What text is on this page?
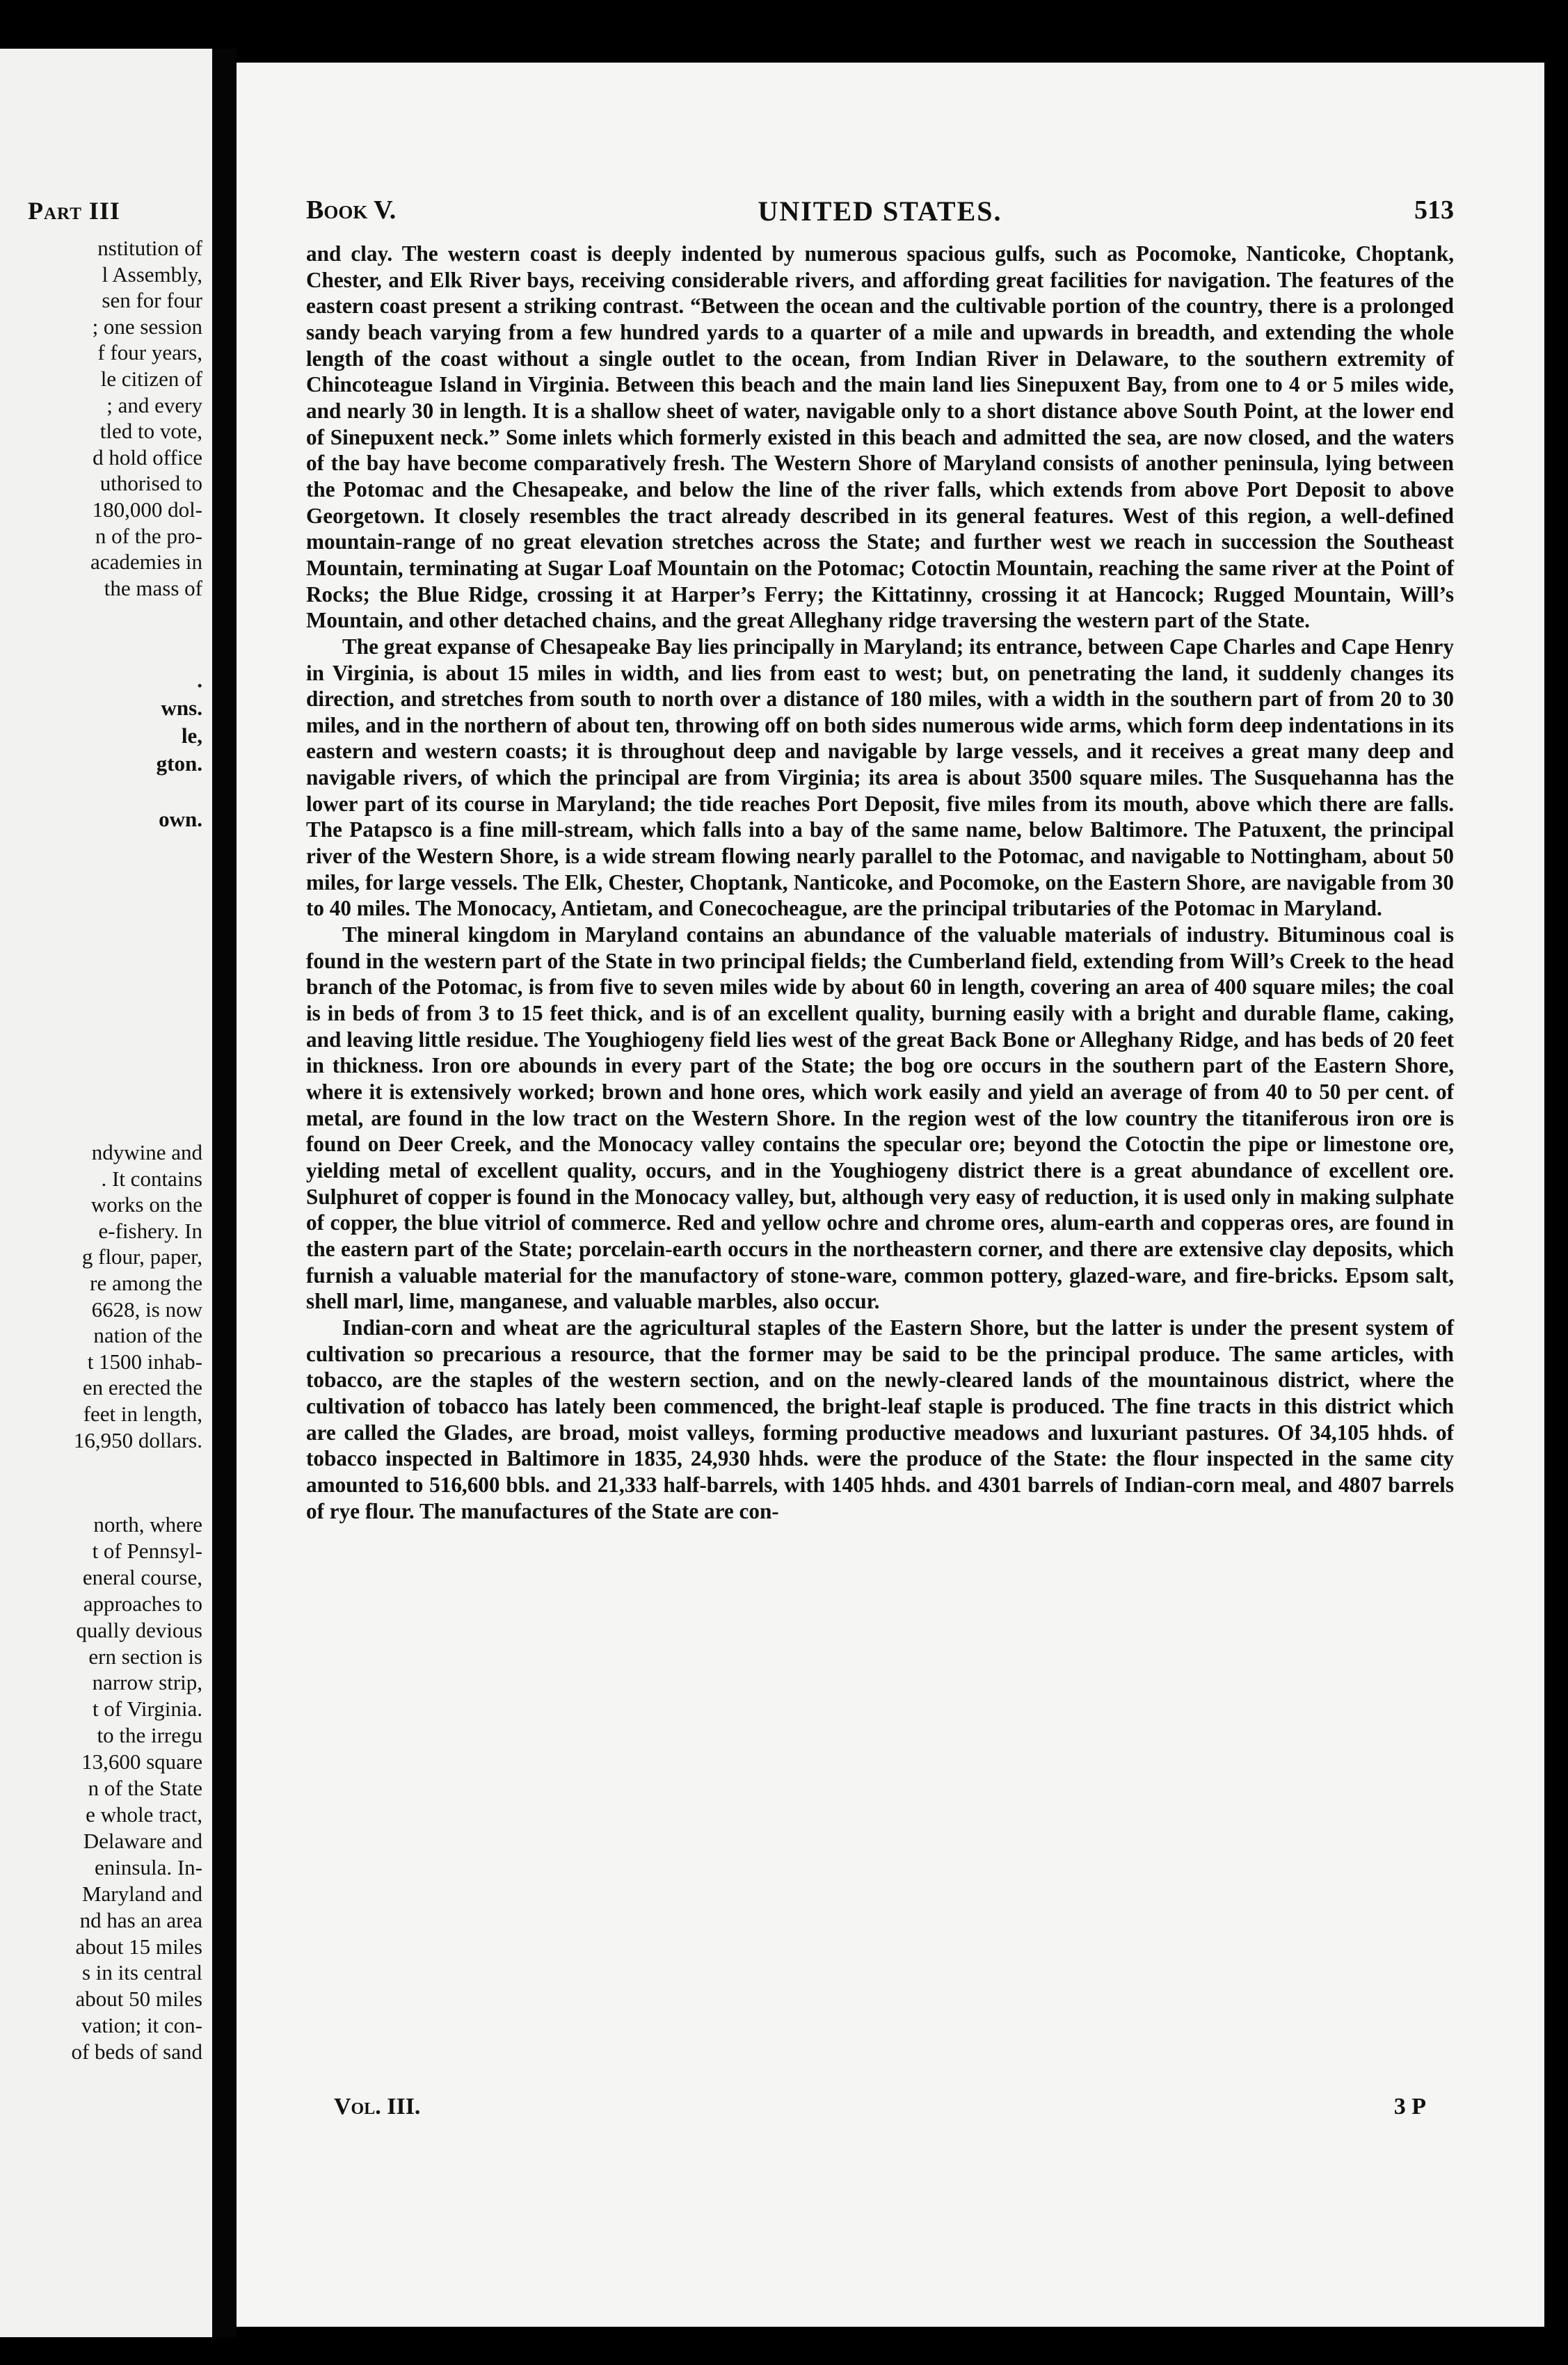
Part III
nstitution of
l Assembly,
sen for four
; one session
f four years,
le citizen of
; and every
tled to vote,
d hold office
uthorised to
180,000 dol-
n of the pro-
academies in
the mass of
.
wns.
le,
gton.

own.
ndywine and
. It contains
works on the
e-fishery. In
g flour, paper,
re among the
6628, is now
nation of the
t 1500 inhab-
en erected the
feet in length,
16,950 dollars.
north, where
t of Pennsyl-
eneral course,
approaches to
qually devious
ern section is
narrow strip,
t of Virginia.
to the irregu
13,600 square
n of the State
e whole tract,
Delaware and
eninsula. In-
Maryland and
nd has an area
about 15 miles
s in its central
about 50 miles
vation; it con-
of beds of sand
Book V.	UNITED STATES.	513

and clay. The western coast is deeply indented by numerous spacious gulfs, such as Pocomoke, Nanticoke, Choptank, Chester, and Elk River bays, receiving considerable rivers, and affording great facilities for navigation. The features of the eastern coast present a striking contrast. “Between the ocean and the cultivable portion of the country, there is a prolonged sandy beach varying from a few hundred yards to a quarter of a mile and upwards in breadth, and extending the whole length of the coast without a single outlet to the ocean, from Indian River in Delaware, to the southern extremity of Chincoteague Island in Virginia. Between this beach and the main land lies Sinepuxent Bay, from one to 4 or 5 miles wide, and nearly 30 in length. It is a shallow sheet of water, navigable only to a short distance above South Point, at the lower end of Sinepuxent neck.” Some inlets which formerly existed in this beach and admitted the sea, are now closed, and the waters of the bay have become comparatively fresh. The Western Shore of Maryland consists of another peninsula, lying between the Potomac and the Chesapeake, and below the line of the river falls, which extends from above Port Deposit to above Georgetown. It closely resembles the tract already described in its general features. West of this region, a well-defined mountain-range of no great elevation stretches across the State; and further west we reach in succession the Southeast Mountain, terminating at Sugar Loaf Mountain on the Potomac; Cotoctin Mountain, reaching the same river at the Point of Rocks; the Blue Ridge, crossing it at Harper’s Ferry; the Kittatinny, crossing it at Hancock; Rugged Mountain, Will’s Mountain, and other detached chains, and the great Alleghany ridge traversing the western part of the State.

The great expanse of Chesapeake Bay lies principally in Maryland; its entrance, between Cape Charles and Cape Henry in Virginia, is about 15 miles in width, and lies from east to west; but, on penetrating the land, it suddenly changes its direction, and stretches from south to north over a distance of 180 miles, with a width in the southern part of from 20 to 30 miles, and in the northern of about ten, throwing off on both sides numerous wide arms, which form deep indentations in its eastern and western coasts; it is throughout deep and navigable by large vessels, and it receives a great many deep and navigable rivers, of which the principal are from Virginia; its area is about 3500 square miles. The Susquehanna has the lower part of its course in Maryland; the tide reaches Port Deposit, five miles from its mouth, above which there are falls. The Patapsco is a fine mill-stream, which falls into a bay of the same name, below Baltimore. The Patuxent, the principal river of the Western Shore, is a wide stream flowing nearly parallel to the Potomac, and navigable to Nottingham, about 50 miles, for large vessels. The Elk, Chester, Choptank, Nanticoke, and Pocomoke, on the Eastern Shore, are navigable from 30 to 40 miles. The Monocacy, Antietam, and Conecocheague, are the principal tributaries of the Potomac in Maryland.

The mineral kingdom in Maryland contains an abundance of the valuable materials of industry. Bituminous coal is found in the western part of the State in two principal fields; the Cumberland field, extending from Will’s Creek to the head branch of the Potomac, is from five to seven miles wide by about 60 in length, covering an area of 400 square miles; the coal is in beds of from 3 to 15 feet thick, and is of an excellent quality, burning easily with a bright and durable flame, caking, and leaving little residue. The Youghiogeny field lies west of the great Back Bone or Alleghany Ridge, and has beds of 20 feet in thickness. Iron ore abounds in every part of the State; the bog ore occurs in the southern part of the Eastern Shore, where it is extensively worked; brown and hone ores, which work easily and yield an average of from 40 to 50 per cent. of metal, are found in the low tract on the Western Shore. In the region west of the low country the titaniferous iron ore is found on Deer Creek, and the Monocacy valley contains the specular ore; beyond the Cotoctin the pipe or limestone ore, yielding metal of excellent quality, occurs, and in the Youghiogeny district there is a great abundance of excellent ore. Sulphuret of copper is found in the Monocacy valley, but, although very easy of reduction, it is used only in making sulphate of copper, the blue vitriol of commerce. Red and yellow ochre and chrome ores, alum-earth and copperas ores, are found in the eastern part of the State; porcelain-earth occurs in the northeastern corner, and there are extensive clay deposits, which furnish a valuable material for the manufactory of stone-ware, common pottery, glazed-ware, and fire-bricks. Epsom salt, shell marl, lime, manganese, and valuable marbles, also occur.

Indian-corn and wheat are the agricultural staples of the Eastern Shore, but the latter is under the present system of cultivation so precarious a resource, that the former may be said to be the principal produce. The same articles, with tobacco, are the staples of the western section, and on the newly-cleared lands of the mountainous district, where the cultivation of tobacco has lately been commenced, the bright-leaf staple is produced. The fine tracts in this district which are called the Glades, are broad, moist valleys, forming productive meadows and luxuriant pastures. Of 34,105 hhds. of tobacco inspected in Baltimore in 1835, 24,930 hhds. were the produce of the State: the flour inspected in the same city amounted to 516,600 bbls. and 21,333 half-barrels, with 1405 hhds. and 4301 barrels of Indian-corn meal, and 4807 barrels of rye flour. The manufactures of the State are con-

Vol. III.	3 P
